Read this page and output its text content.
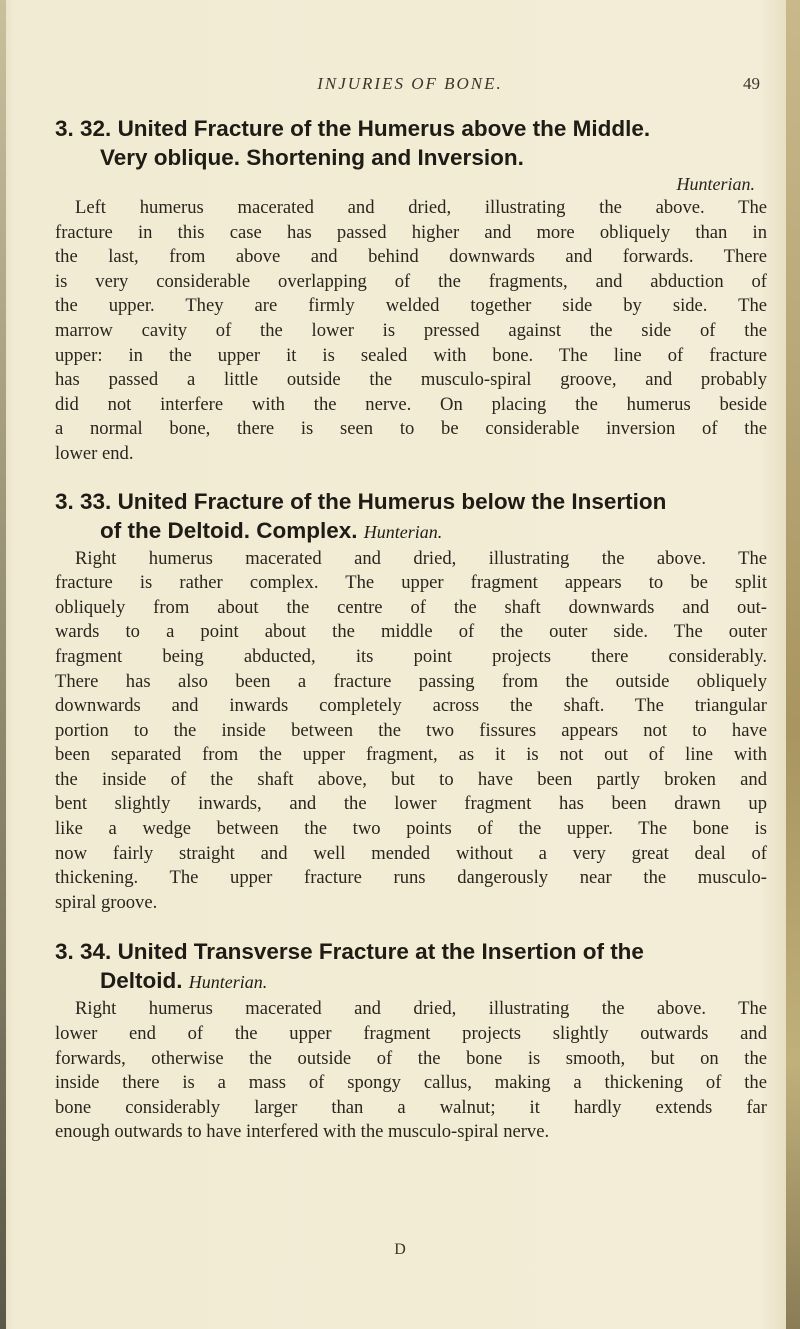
INJURIES OF BONE.	49
3. 32. United Fracture of the Humerus above the Middle.
Very oblique. Shortening and Inversion.
Hunterian.
Left humerus macerated and dried, illustrating the above. The
fracture in this case has passed higher and more obliquely than in
the last, from above and behind downwards and forwards. There
is very considerable overlapping of the fragments, and abduction of
the upper. They are firmly welded together side by side. The
marrow cavity of the lower is pressed against the side of the
upper: in the upper it is sealed with bone. The line of fracture
has passed a little outside the musculo-spiral groove, and probably
did not interfere with the nerve. On placing the humerus beside
a normal bone, there is seen to be considerable inversion of the
lower end.
3. 33. United Fracture of the Humerus below the Insertion
of the Deltoid. Complex. Hunterian.
Right humerus macerated and dried, illustrating the above. The
fracture is rather complex. The upper fragment appears to be split
obliquely from about the centre of the shaft downwards and out-
wards to a point about the middle of the outer side. The outer
fragment being abducted, its point projects there considerably.
There has also been a fracture passing from the outside obliquely
downwards and inwards completely across the shaft. The triangular
portion to the inside between the two fissures appears not to have
been separated from the upper fragment, as it is not out of line with
the inside of the shaft above, but to have been partly broken and
bent slightly inwards, and the lower fragment has been drawn up
like a wedge between the two points of the upper. The bone is
now fairly straight and well mended without a very great deal of
thickening. The upper fracture runs dangerously near the musculo-
spiral groove.
3. 34. United Transverse Fracture at the Insertion of the
Deltoid. Hunterian.
Right humerus macerated and dried, illustrating the above. The
lower end of the upper fragment projects slightly outwards and
forwards, otherwise the outside of the bone is smooth, but on the
inside there is a mass of spongy callus, making a thickening of the
bone considerably larger than a walnut; it hardly extends far
enough outwards to have interfered with the musculo-spiral nerve.
D
